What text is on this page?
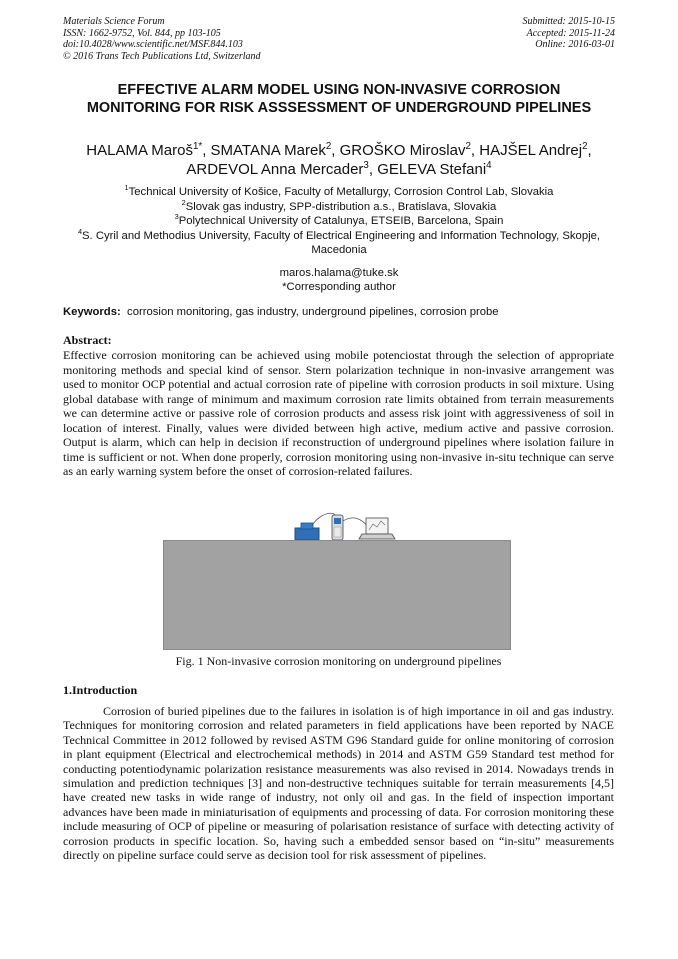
Materials Science Forum
ISSN: 1662-9752, Vol. 844, pp 103-105
doi:10.4028/www.scientific.net/MSF.844.103
© 2016 Trans Tech Publications Ltd, Switzerland
Submitted: 2015-10-15
Accepted: 2015-11-24
Online: 2016-03-01
EFFECTIVE ALARM MODEL USING NON-INVASIVE CORROSION MONITORING FOR RISK ASSSESSMENT OF UNDERGROUND PIPELINES
HALAMA Maroš$^{1*}$, SMATANA Marek$^2$, GROŠKO Miroslav$^2$, HAJŠEL Andrej$^2$,
ARDEVOL Anna Mercader$^3$, GELEVA Stefani$^4$
$^1$Technical University of Košice, Faculty of Metallurgy, Corrosion Control Lab, Slovakia
$^2$Slovak gas industry, SPP-distribution a.s., Bratislava, Slovakia
$^3$Polytechnical University of Catalunya, ETSEIB, Barcelona, Spain
$^4$S. Cyril and Methodius University, Faculty of Electrical Engineering and Information Technology, Skopje, Macedonia
maros.halama@tuke.sk
*Corresponding author
Keywords: corrosion monitoring, gas industry, underground pipelines, corrosion probe
Abstract:
Effective corrosion monitoring can be achieved using mobile potenciostat through the selection of appropriate monitoring methods and special kind of sensor. Stern polarization technique in non-invasive arrangement was used to monitor OCP potential and actual corrosion rate of pipeline with corrosion products in soil mixture. Using global database with range of minimum and maximum corrosion rate limits obtained from terrain measurements we can determine active or passive role of corrosion products and assess risk joint with aggressiveness of soil in location of interest. Finally, values were divided between high active, medium active and passive corrosion. Output is alarm, which can help in decision if reconstruction of underground pipelines where isolation failure in time is sufficient or not. When done properly, corrosion monitoring using non-invasive in-situ technique can serve as an early warning system before the onset of corrosion-related failures.
Fig. 1 Non-invasive corrosion monitoring on underground pipelines
1.Introduction
Corrosion of buried pipelines due to the failures in isolation is of high importance in oil and gas industry. Techniques for monitoring corrosion and related parameters in field applications have been reported by NACE Technical Committee in 2012 followed by revised ASTM G96 Standard guide for online monitoring of corrosion in plant equipment (Electrical and electrochemical methods) in 2014 and ASTM G59 Standard test method for conducting potentiodynamic polarization resistance measurements was also revised in 2014. Nowadays trends in simulation and prediction techniques [3] and non-destructive techniques suitable for terrain measurements [4,5] have created new tasks in wide range of industry, not only oil and gas. In the field of inspection important advances have been made in miniaturisation of equipments and processing of data. For corrosion monitoring these include measuring of OCP of pipeline or measuring of polarisation resistance of surface with detecting activity of corrosion products in specific location. So, having such a embedded sensor based on “in-situ” measurements directly on pipeline surface could serve as decision tool for risk assessment of pipelines.
